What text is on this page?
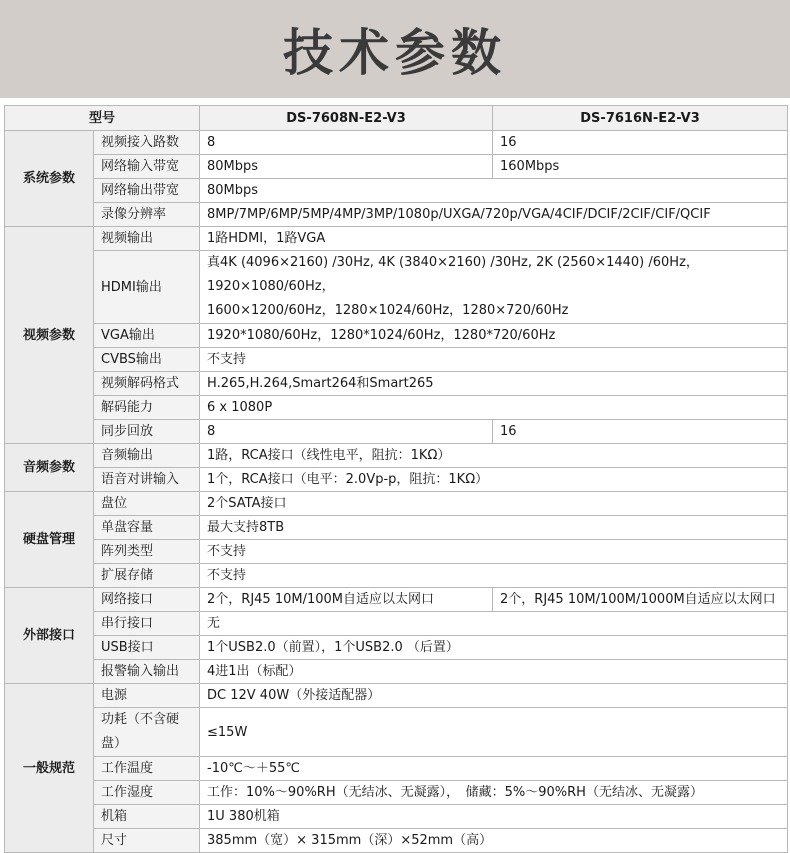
技术参数
型号		DS-7608N-E2-V3	DS-7616N-E2-V3
系统参数	视频接入路数	8	16
	网络输入带宽	80Mbps	160Mbps
	网络输出带宽	80Mbps	
	录像分辨率	8MP/7MP/6MP/5MP/4MP/3MP/1080p/UXGA/720p/VGA/4CIF/DCIF/2CIF/CIF/QCIF	
视频参数	视频输出	1路HDMI，1路VGA	
	HDMI输出	真4K (4096×2160) /30Hz, 4K (3840×2160) /30Hz, 2K (2560×1440) /60Hz，1920×1080/60Hz，
1600×1200/60Hz，1280×1024/60Hz，1280×720/60Hz	

	VGA输出	1920*1080/60Hz，1280*1024/60Hz，1280*720/60Hz	
	CVBS输出	不支持	
	视频解码格式	H.265,H.264,Smart264和Smart265	
	解码能力	6 x 1080P	
	同步回放	8	16
音频参数	音频输出	1路，RCA接口（线性电平，阻抗：1KΩ）	
	语音对讲输入	1个，RCA接口（电平：2.0Vp-p，阻抗：1KΩ）	
硬盘管理	盘位	2个SATA接口	
	单盘容量	最大支持8TB	
	阵列类型	不支持	
	扩展存储	不支持	
外部接口	网络接口	2个，RJ45 10M/100M自适应以太网口	2个，RJ45 10M/100M/1000M自适应以太网口
	串行接口	无	
	USB接口	1个USB2.0（前置），1个USB2.0 （后置）	
	报警输入输出	4进1出（标配）	
一般规范	电源	DC 12V 40W（外接适配器）	
	功耗（不含硬盘）	≤15W	
	工作温度	-10℃～＋55℃	
	工作湿度	工作：10%～90%RH（无结冰、无凝露），　储藏：5%～90%RH（无结冰、无凝露）	
	机箱	1U 380机箱	
	尺寸	385mm（宽）× 315mm（深）×52mm（高）	
